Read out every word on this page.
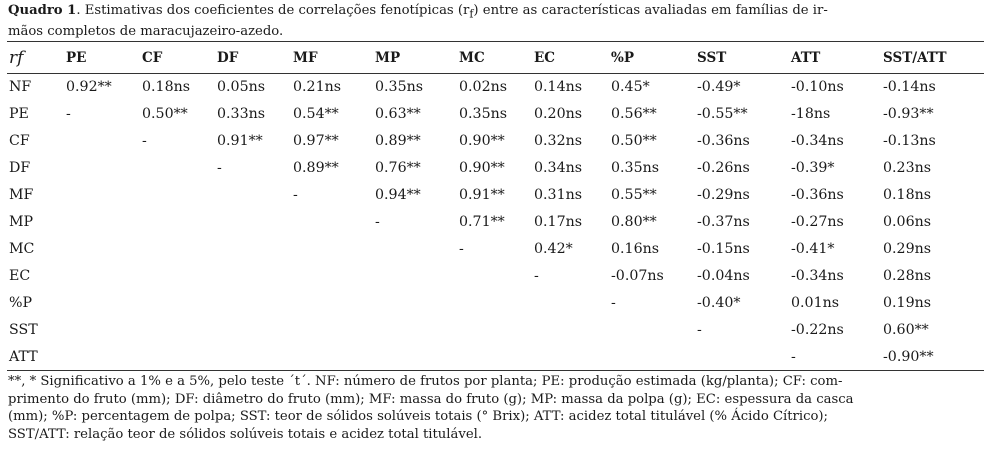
Quadro 1. Estimativas dos coeficientes de correlações fenotípicas $(r_f)$ entre as características avaliadas em famílias de ir-
mãos completos de maracujazeiro-azedo.
rf	PE	CF	DF	MF	MP	MC	EC	%P	SST	ATT	SST/ATT
NF	0.92**	0.18ns	0.05ns	0.21ns	0.35ns	0.02ns	0.14ns	0.45*	-0.49*	-0.10ns	-0.14ns
PE	-	0.50**	0.33ns	0.54**	0.63**	0.35ns	0.20ns	0.56**	-0.55**	-18ns	-0.93**
CF		-	0.91**	0.97**	0.89**	0.90**	0.32ns	0.50**	-0.36ns	-0.34ns	-0.13ns
DF			-	0.89**	0.76**	0.90**	0.34ns	0.35ns	-0.26ns	-0.39*	0.23ns
MF				-	0.94**	0.91**	0.31ns	0.55**	-0.29ns	-0.36ns	0.18ns
MP					-	0.71**	0.17ns	0.80**	-0.37ns	-0.27ns	0.06ns
MC						-	0.42*	0.16ns	-0.15ns	-0.41*	0.29ns
EC							-	-0.07ns	-0.04ns	-0.34ns	0.28ns
%P								-	-0.40*	0.01ns	0.19ns
SST									-	-0.22ns	0.60**
ATT										-	-0.90**
**, * Significativo a 1% e a 5%, pelo teste ´t´. NF: número de frutos por planta; PE: produção estimada (kg/planta); CF: com-
primento do fruto (mm); DF: diâmetro do fruto (mm); MF: massa do fruto (g); MP: massa da polpa (g); EC: espessura da casca
(mm); %P: percentagem de polpa; SST: teor de sólidos solúveis totais (° Brix); ATT: acidez total titulável (% Ácido Cítrico);
SST/ATT: relação teor de sólidos solúveis totais e acidez total titulável.
